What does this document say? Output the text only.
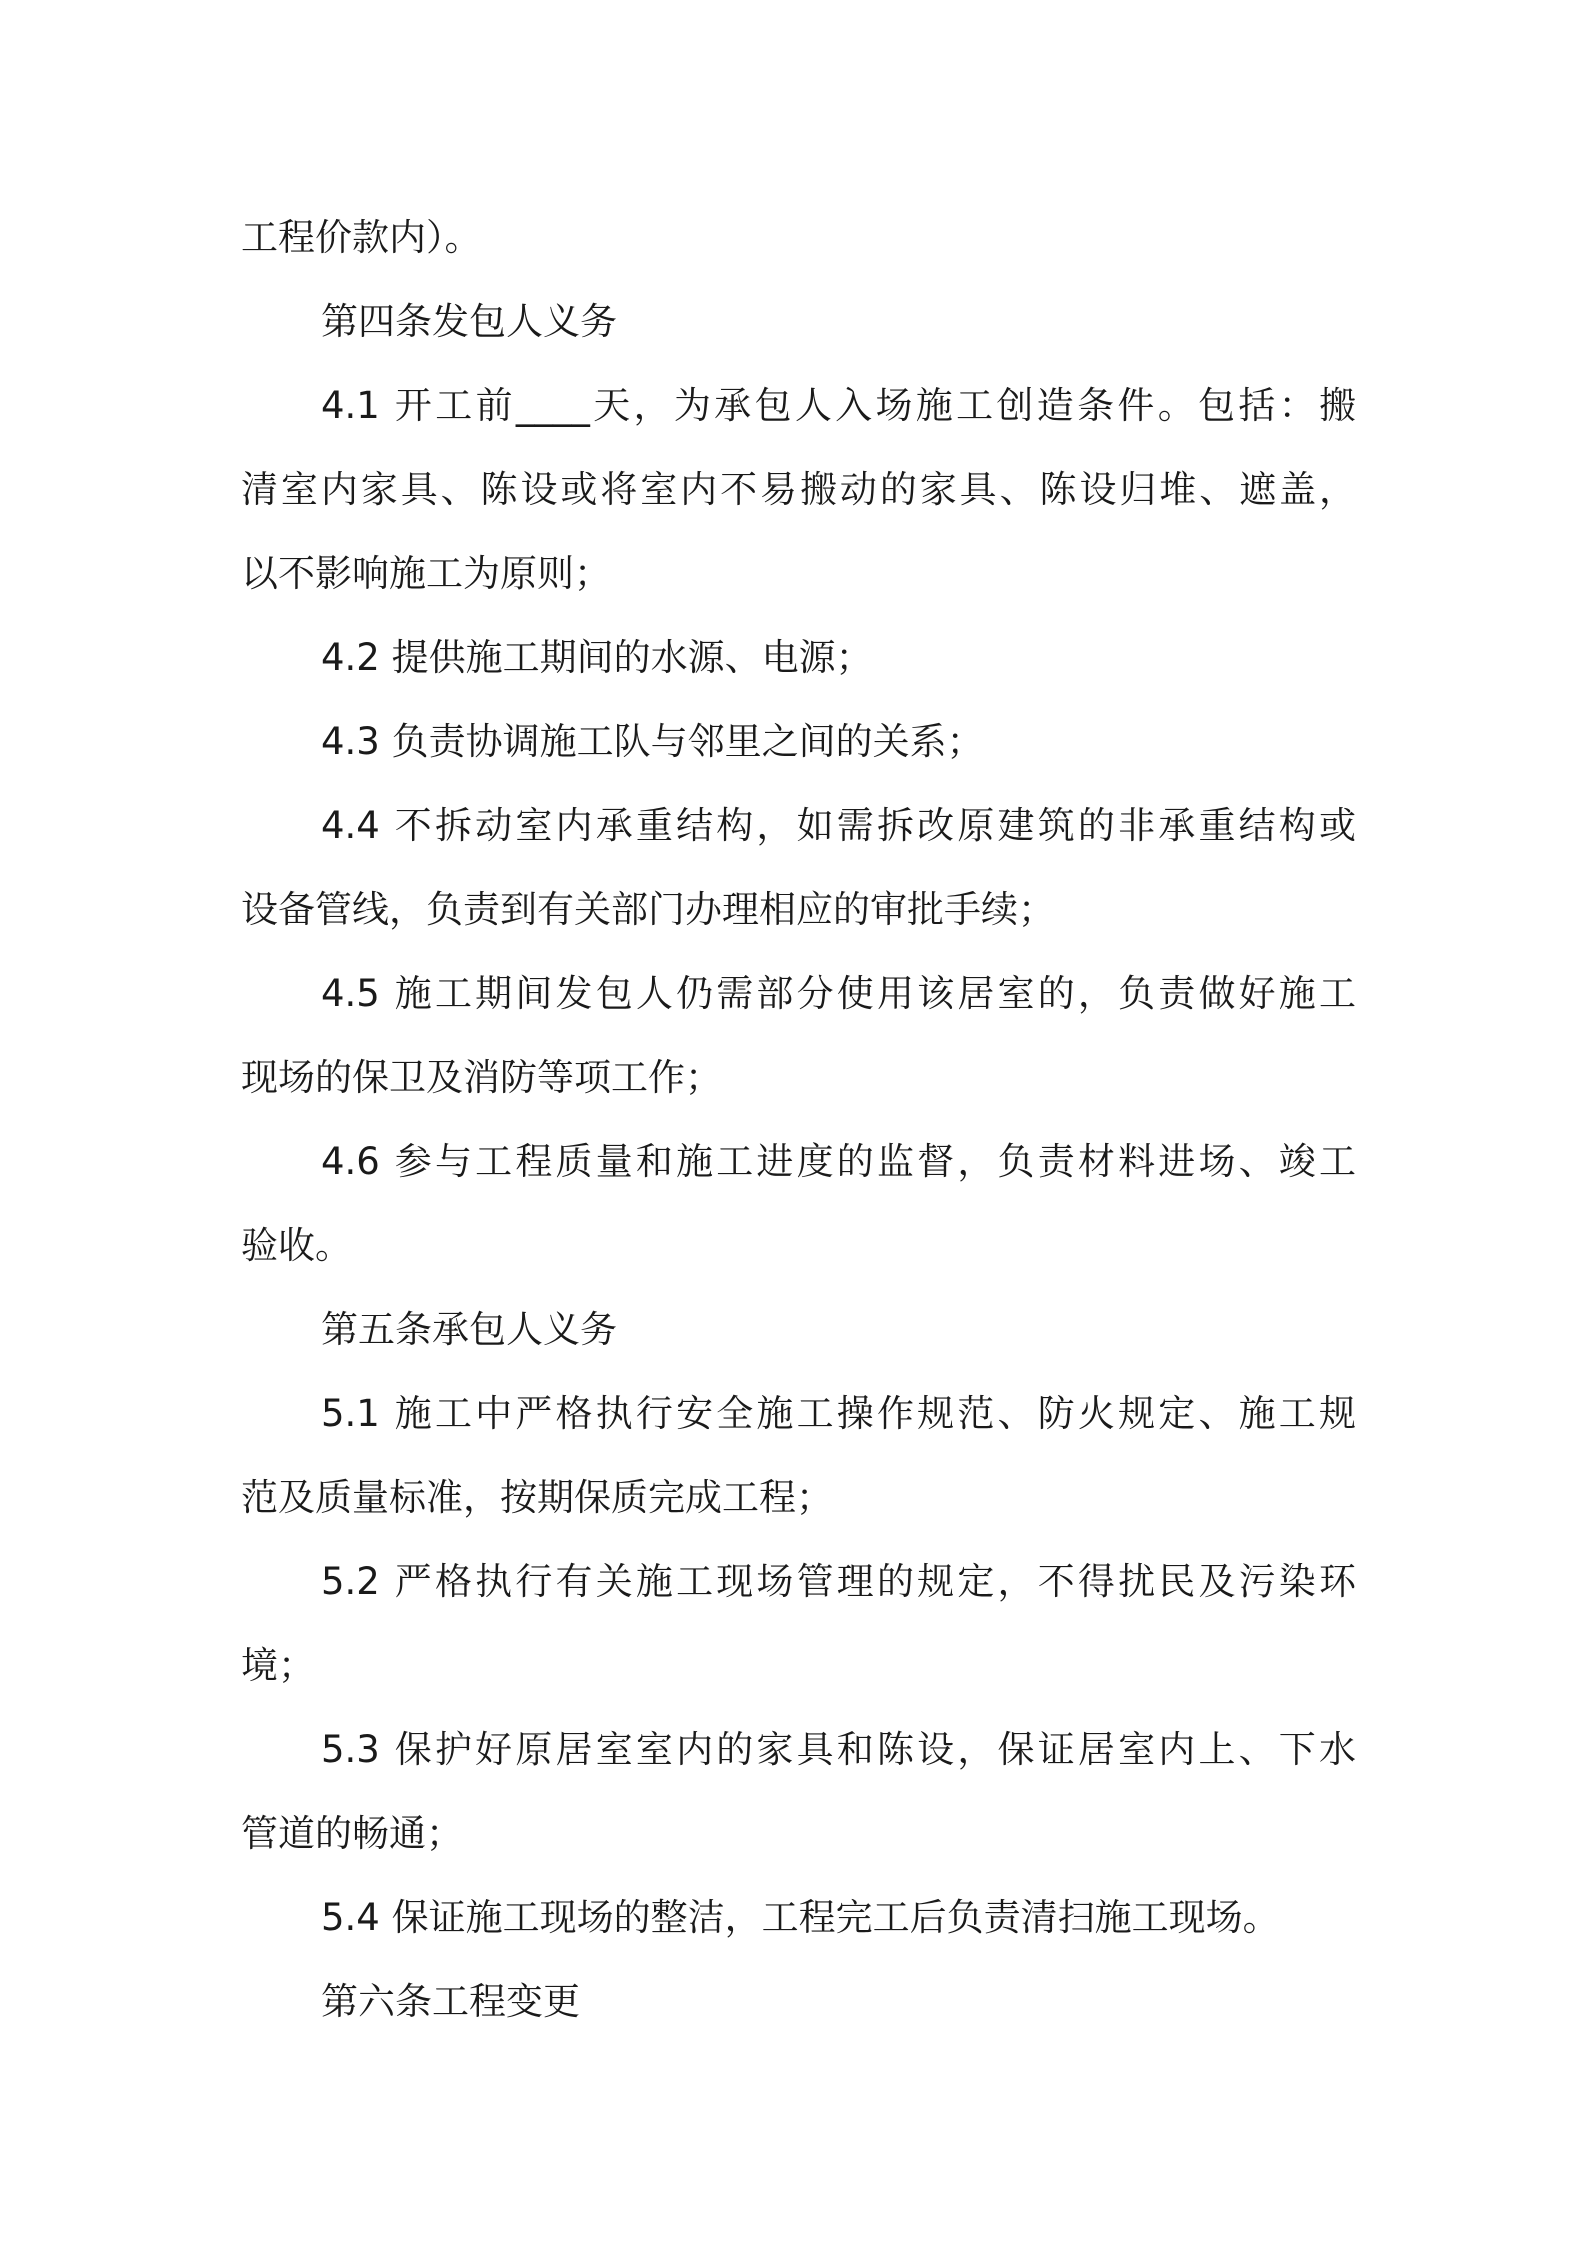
工程价款内）。
第四条发包人义务
4.1 开工前____天，为承包人入场施工创造条件。包括：搬
清室内家具、陈设或将室内不易搬动的家具、陈设归堆、遮盖，
以不影响施工为原则；
4.2 提供施工期间的水源、电源；
4.3 负责协调施工队与邻里之间的关系；
4.4 不拆动室内承重结构，如需拆改原建筑的非承重结构或
设备管线，负责到有关部门办理相应的审批手续；
4.5 施工期间发包人仍需部分使用该居室的，负责做好施工
现场的保卫及消防等项工作；
4.6 参与工程质量和施工进度的监督，负责材料进场、竣工
验收。
第五条承包人义务
5.1 施工中严格执行安全施工操作规范、防火规定、施工规
范及质量标准，按期保质完成工程；
5.2 严格执行有关施工现场管理的规定，不得扰民及污染环
境；
5.3 保护好原居室室内的家具和陈设，保证居室内上、下水
管道的畅通；
5.4 保证施工现场的整洁，工程完工后负责清扫施工现场。
第六条工程变更
